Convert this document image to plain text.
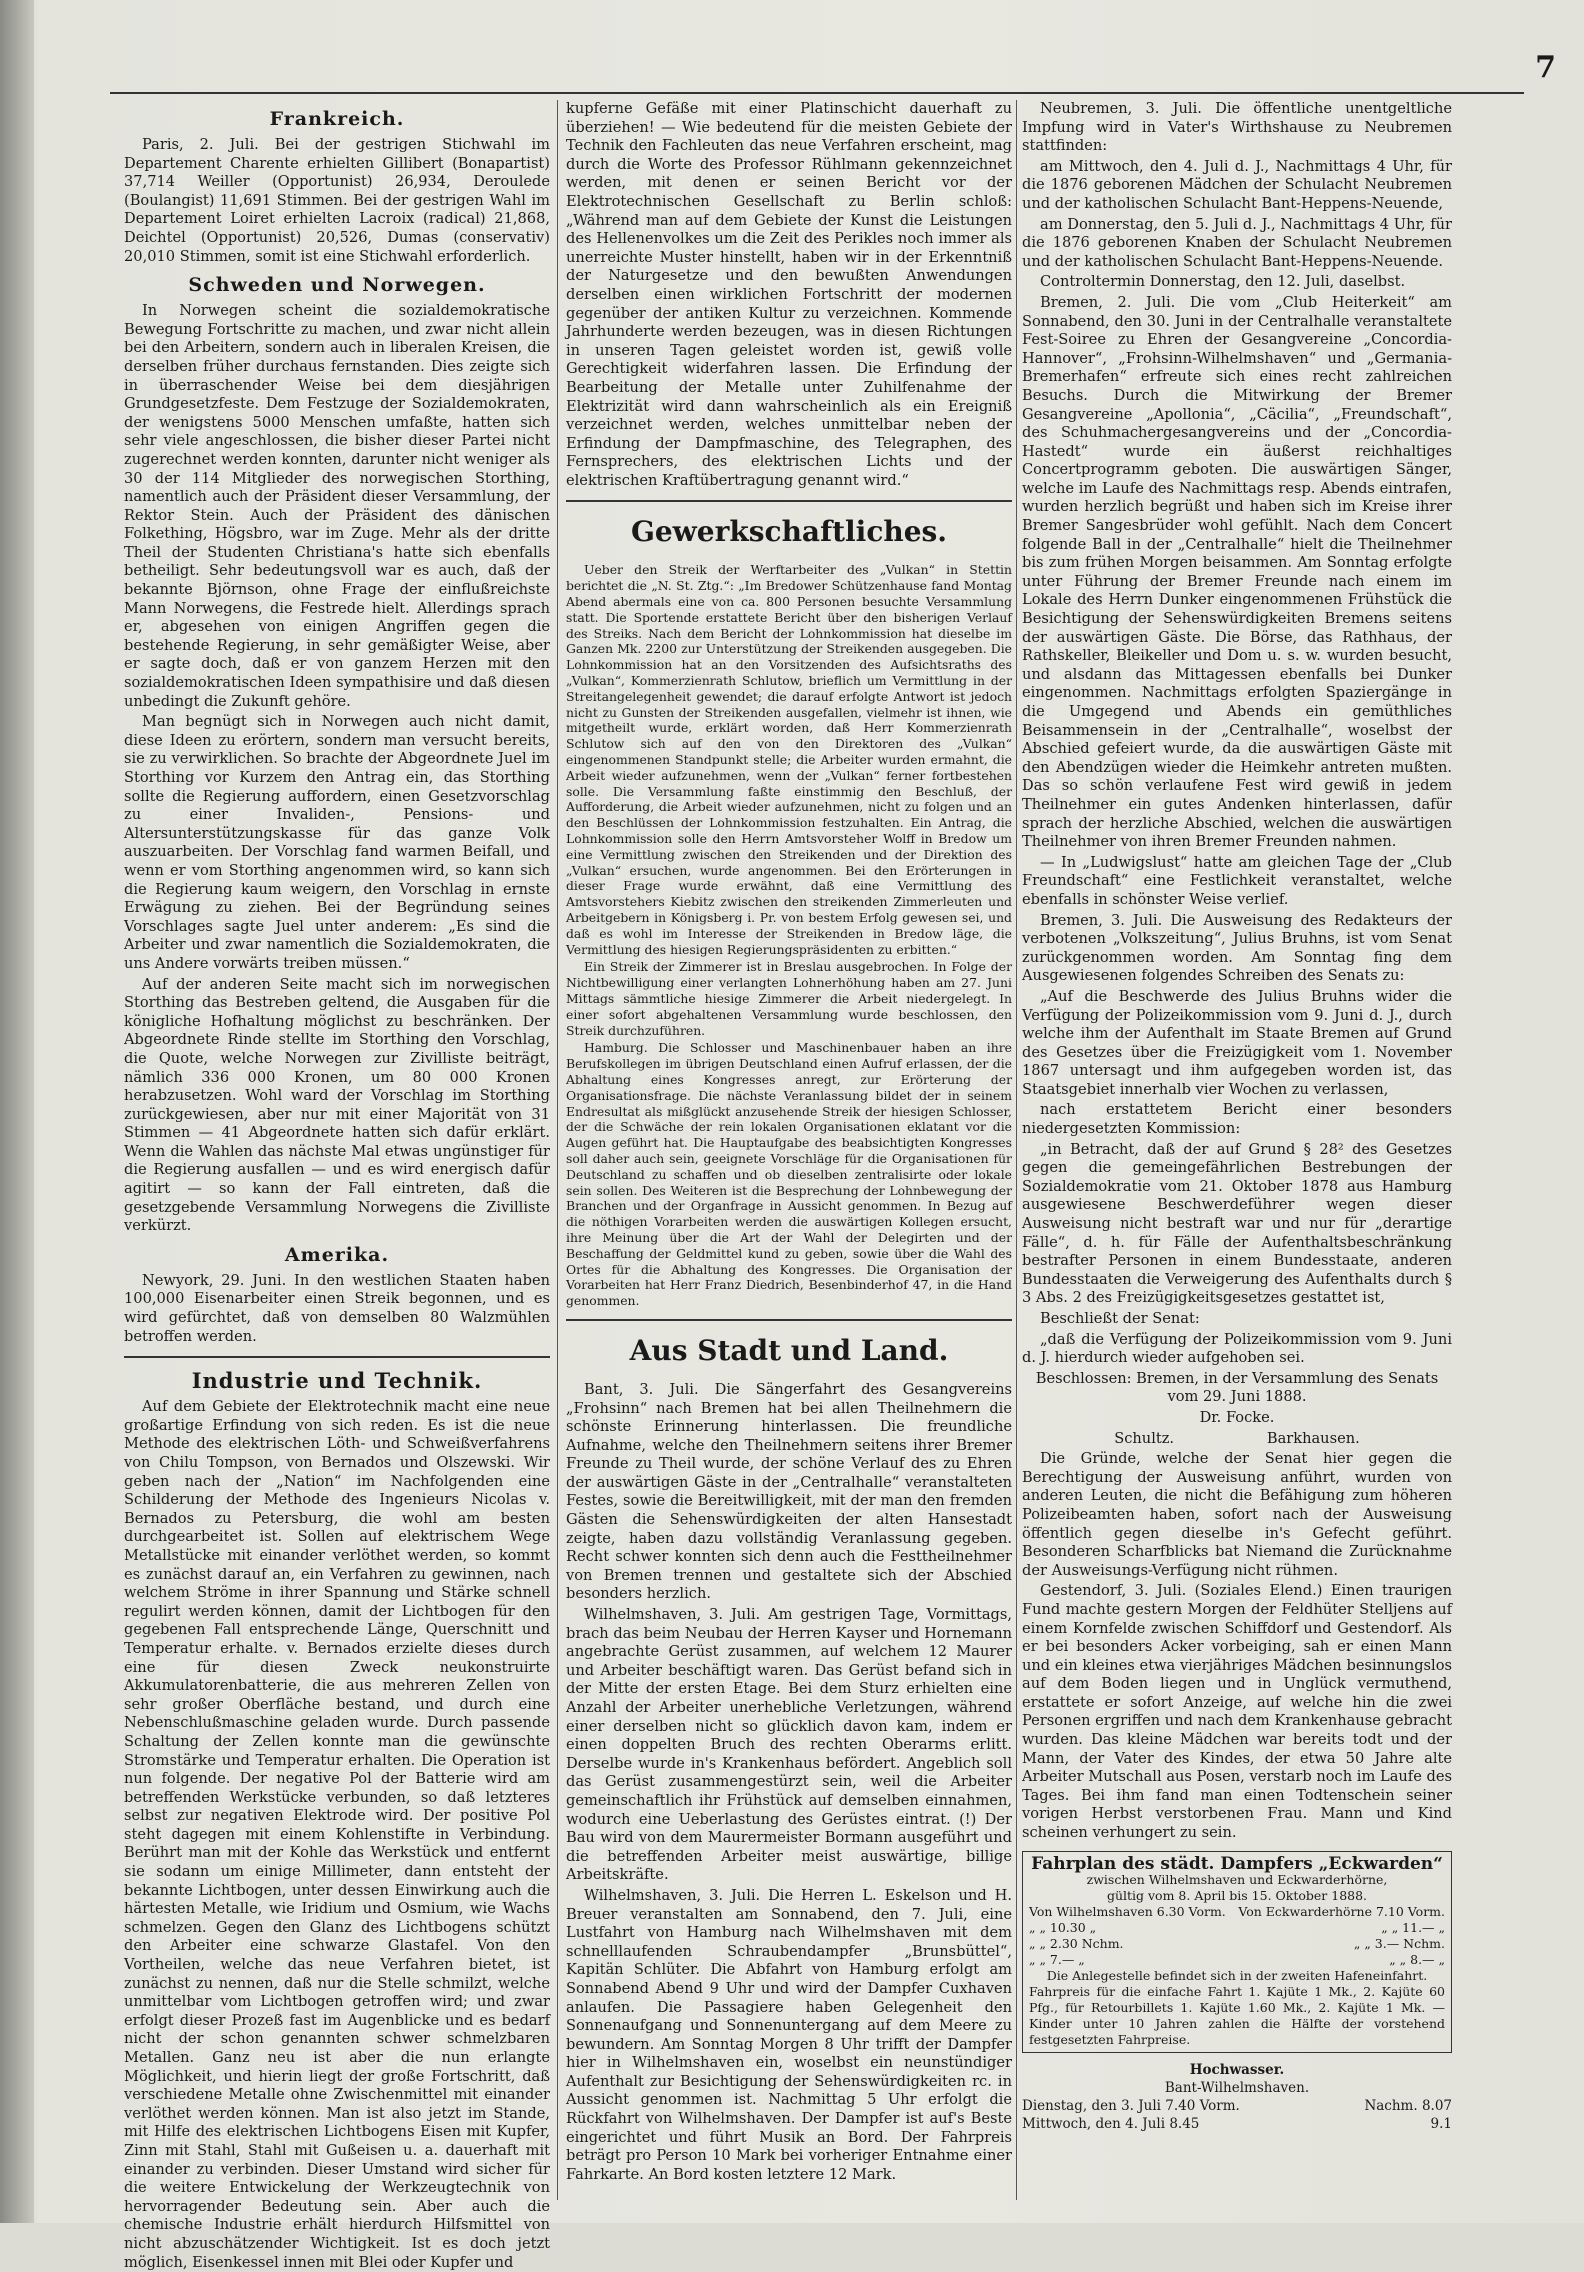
7
Frankreich.

Paris, 2. Juli. Bei der gestrigen Stichwahl im Departement Charente erhielten Gillibert (Bonapartist) 37,714 Weiller (Opportunist) 26,934, Deroulede (Boulangist) 11,691 Stimmen. Bei der gestrigen Wahl im Departement Loiret erhielten Lacroix (radical) 21,868, Deichtel (Opportunist) 20,526, Dumas (conservativ) 20,010 Stimmen, somit ist eine Stichwahl erforderlich.

Schweden und Norwegen.

In Norwegen scheint die sozialdemokratische Bewegung Fortschritte zu machen, und zwar nicht allein bei den Arbeitern, sondern auch in liberalen Kreisen, die derselben früher durchaus fernstanden. Dies zeigte sich in überraschender Weise bei dem diesjährigen Grundgesetzfeste. Dem Festzuge der Sozialdemokraten, der wenigstens 5000 Menschen umfaßte, hatten sich sehr viele angeschlossen, die bisher dieser Partei nicht zugerechnet werden konnten, darunter nicht weniger als 30 der 114 Mitglieder des norwegischen Storthing, namentlich auch der Präsident dieser Versammlung, der Rektor Stein. Auch der Präsident des dänischen Folkething, Högsbro, war im Zuge. Mehr als der dritte Theil der Studenten Christiana's hatte sich ebenfalls betheiligt. Sehr bedeutungsvoll war es auch, daß der bekannte Björnson, ohne Frage der einflußreichste Mann Norwegens, die Festrede hielt. Allerdings sprach er, abgesehen von einigen Angriffen gegen die bestehende Regierung, in sehr gemäßigter Weise, aber er sagte doch, daß er von ganzem Herzen mit den sozialdemokratischen Ideen sympathisire und daß diesen unbedingt die Zukunft gehöre.

Man begnügt sich in Norwegen auch nicht damit, diese Ideen zu erörtern, sondern man versucht bereits, sie zu verwirklichen. So brachte der Abgeordnete Juel im Storthing vor Kurzem den Antrag ein, das Storthing sollte die Regierung auffordern, einen Gesetzvorschlag zu einer Invaliden-, Pensions- und Altersunterstützungskasse für das ganze Volk auszuarbeiten. Der Vorschlag fand warmen Beifall, und wenn er vom Storthing angenommen wird, so kann sich die Regierung kaum weigern, den Vorschlag in ernste Erwägung zu ziehen. Bei der Begründung seines Vorschlages sagte Juel unter anderem: „Es sind die Arbeiter und zwar namentlich die Sozialdemokraten, die uns Andere vorwärts treiben müssen.“

Auf der anderen Seite macht sich im norwegischen Storthing das Bestreben geltend, die Ausgaben für die königliche Hofhaltung möglichst zu beschränken. Der Abgeordnete Rinde stellte im Storthing den Vorschlag, die Quote, welche Norwegen zur Zivilliste beiträgt, nämlich 336 000 Kronen, um 80 000 Kronen herabzusetzen. Wohl ward der Vorschlag im Storthing zurückgewiesen, aber nur mit einer Majorität von 31 Stimmen — 41 Abgeordnete hatten sich dafür erklärt. Wenn die Wahlen das nächste Mal etwas ungünstiger für die Regierung ausfallen — und es wird energisch dafür agitirt — so kann der Fall eintreten, daß die gesetzgebende Versammlung Norwegens die Zivilliste verkürzt.

Amerika.

Newyork, 29. Juni. In den westlichen Staaten haben 100,000 Eisenarbeiter einen Streik begonnen, und es wird gefürchtet, daß von demselben 80 Walzmühlen betroffen werden.

Industrie und Technik.

Auf dem Gebiete der Elektrotechnik macht eine neue großartige Erfindung von sich reden. Es ist die neue Methode des elektrischen Löth- und Schweißverfahrens von Chilu Tompson, von Bernados und Olszewski. Wir geben nach der „Nation“ im Nachfolgenden eine Schilderung der Methode des Ingenieurs Nicolas v. Bernados zu Petersburg, die wohl am besten durchgearbeitet ist. Sollen auf elektrischem Wege Metallstücke mit einander verlöthet werden, so kommt es zunächst darauf an, ein Verfahren zu gewinnen, nach welchem Ströme in ihrer Spannung und Stärke schnell regulirt werden können, damit der Lichtbogen für den gegebenen Fall entsprechende Länge, Querschnitt und Temperatur erhalte. v. Bernados erzielte dieses durch eine für diesen Zweck neukonstruirte Akkumulatorenbatterie, die aus mehreren Zellen von sehr großer Oberfläche bestand, und durch eine Nebenschlußmaschine geladen wurde. Durch passende Schaltung der Zellen konnte man die gewünschte Stromstärke und Temperatur erhalten. Die Operation ist nun folgende. Der negative Pol der Batterie wird am betreffenden Werkstücke verbunden, so daß letzteres selbst zur negativen Elektrode wird. Der positive Pol steht dagegen mit einem Kohlenstifte in Verbindung. Berührt man mit der Kohle das Werkstück und entfernt sie sodann um einige Millimeter, dann entsteht der bekannte Lichtbogen, unter dessen Einwirkung auch die härtesten Metalle, wie Iridium und Osmium, wie Wachs schmelzen. Gegen den Glanz des Lichtbogens schützt den Arbeiter eine schwarze Glastafel. Von den Vortheilen, welche das neue Verfahren bietet, ist zunächst zu nennen, daß nur die Stelle schmilzt, welche unmittelbar vom Lichtbogen getroffen wird; und zwar erfolgt dieser Prozeß fast im Augenblicke und es bedarf nicht der schon genannten schwer schmelzbaren Metallen. Ganz neu ist aber die nun erlangte Möglichkeit, und hierin liegt der große Fortschritt, daß verschiedene Metalle ohne Zwischenmittel mit einander verlöthet werden können. Man ist also jetzt im Stande, mit Hilfe des elektrischen Lichtbogens Eisen mit Kupfer, Zinn mit Stahl, Stahl mit Gußeisen u. a. dauerhaft mit einander zu verbinden. Dieser Umstand wird sicher für die weitere Entwickelung der Werkzeugtechnik von hervorragender Bedeutung sein. Aber auch die chemische Industrie erhält hierdurch Hilfsmittel von nicht abzuschätzender Wichtigkeit. Ist es doch jetzt möglich, Eisenkessel innen mit Blei oder Kupfer und

kupferne Gefäße mit einer Platinschicht dauerhaft zu überziehen! — Wie bedeutend für die meisten Gebiete der Technik den Fachleuten das neue Verfahren erscheint, mag durch die Worte des Professor Rühlmann gekennzeichnet werden, mit denen er seinen Bericht vor der Elektrotechnischen Gesellschaft zu Berlin schloß: „Während man auf dem Gebiete der Kunst die Leistungen des Hellenenvolkes um die Zeit des Perikles noch immer als unerreichte Muster hinstellt, haben wir in der Erkenntniß der Naturgesetze und den bewußten Anwendungen derselben einen wirklichen Fortschritt der modernen gegenüber der antiken Kultur zu verzeichnen. Kommende Jahrhunderte werden bezeugen, was in diesen Richtungen in unseren Tagen geleistet worden ist, gewiß volle Gerechtigkeit widerfahren lassen. Die Erfindung der Bearbeitung der Metalle unter Zuhilfenahme der Elektrizität wird dann wahrscheinlich als ein Ereigniß verzeichnet werden, welches unmittelbar neben der Erfindung der Dampfmaschine, des Telegraphen, des Fernsprechers, des elektrischen Lichts und der elektrischen Kraftübertragung genannt wird.“

Gewerkschaftliches.

Ueber den Streik der Werftarbeiter des „Vulkan“ in Stettin berichtet die „N. St. Ztg.“: „Im Bredower Schützenhause fand Montag Abend abermals eine von ca. 800 Personen besuchte Versammlung statt. Die Sportende erstattete Bericht über den bisherigen Verlauf des Streiks. Nach dem Bericht der Lohnkommission hat dieselbe im Ganzen Mk. 2200 zur Unterstützung der Streikenden ausgegeben. Die Lohnkommission hat an den Vorsitzenden des Aufsichtsraths des „Vulkan“, Kommerzienrath Schlutow, brieflich um Vermittlung in der Streitangelegenheit gewendet; die darauf erfolgte Antwort ist jedoch nicht zu Gunsten der Streikenden ausgefallen, vielmehr ist ihnen, wie mitgetheilt wurde, erklärt worden, daß Herr Kommerzienrath Schlutow sich auf den von den Direktoren des „Vulkan“ eingenommenen Standpunkt stelle; die Arbeiter wurden ermahnt, die Arbeit wieder aufzunehmen, wenn der „Vulkan“ ferner fortbestehen solle. Die Versammlung faßte einstimmig den Beschluß, der Aufforderung, die Arbeit wieder aufzunehmen, nicht zu folgen und an den Beschlüssen der Lohnkommission festzuhalten. Ein Antrag, die Lohnkommission solle den Herrn Amtsvorsteher Wolff in Bredow um eine Vermittlung zwischen den Streikenden und der Direktion des „Vulkan“ ersuchen, wurde angenommen. Bei den Erörterungen in dieser Frage wurde erwähnt, daß eine Vermittlung des Amtsvorstehers Kiebitz zwischen den streikenden Zimmerleuten und Arbeitgebern in Königsberg i. Pr. von bestem Erfolg gewesen sei, und daß es wohl im Interesse der Streikenden in Bredow läge, die Vermittlung des hiesigen Regierungspräsidenten zu erbitten.“

Ein Streik der Zimmerer ist in Breslau ausgebrochen. In Folge der Nichtbewilligung einer verlangten Lohnerhöhung haben am 27. Juni Mittags sämmtliche hiesige Zimmerer die Arbeit niedergelegt. In einer sofort abgehaltenen Versammlung wurde beschlossen, den Streik durchzuführen.

Hamburg. Die Schlosser und Maschinenbauer haben an ihre Berufskollegen im übrigen Deutschland einen Aufruf erlassen, der die Abhaltung eines Kongresses anregt, zur Erörterung der Organisationsfrage. Die nächste Veranlassung bildet der in seinem Endresultat als mißglückt anzusehende Streik der hiesigen Schlosser, der die Schwäche der rein lokalen Organisationen eklatant vor die Augen geführt hat. Die Hauptaufgabe des beabsichtigten Kongresses soll daher auch sein, geeignete Vorschläge für die Organisationen für Deutschland zu schaffen und ob dieselben zentralisirte oder lokale sein sollen. Des Weiteren ist die Besprechung der Lohnbewegung der Branchen und der Organfrage in Aussicht genommen. In Bezug auf die nöthigen Vorarbeiten werden die auswärtigen Kollegen ersucht, ihre Meinung über die Art der Wahl der Delegirten und der Beschaffung der Geldmittel kund zu geben, sowie über die Wahl des Ortes für die Abhaltung des Kongresses. Die Organisation der Vorarbeiten hat Herr Franz Diedrich, Besenbinderhof 47, in die Hand genommen.

Aus Stadt und Land.

Bant, 3. Juli. Die Sängerfahrt des Gesangvereins „Frohsinn“ nach Bremen hat bei allen Theilnehmern die schönste Erinnerung hinterlassen. Die freundliche Aufnahme, welche den Theilnehmern seitens ihrer Bremer Freunde zu Theil wurde, der schöne Verlauf des zu Ehren der auswärtigen Gäste in der „Centralhalle“ veranstalteten Festes, sowie die Bereitwilligkeit, mit der man den fremden Gästen die Sehenswürdigkeiten der alten Hansestadt zeigte, haben dazu vollständig Veranlassung gegeben. Recht schwer konnten sich denn auch die Festtheilnehmer von Bremen trennen und gestaltete sich der Abschied besonders herzlich.

Wilhelmshaven, 3. Juli. Am gestrigen Tage, Vormittags, brach das beim Neubau der Herren Kayser und Hornemann angebrachte Gerüst zusammen, auf welchem 12 Maurer und Arbeiter beschäftigt waren. Das Gerüst befand sich in der Mitte der ersten Etage. Bei dem Sturz erhielten eine Anzahl der Arbeiter unerhebliche Verletzungen, während einer derselben nicht so glücklich davon kam, indem er einen doppelten Bruch des rechten Oberarms erlitt. Derselbe wurde in's Krankenhaus befördert. Angeblich soll das Gerüst zusammengestürzt sein, weil die Arbeiter gemeinschaftlich ihr Frühstück auf demselben einnahmen, wodurch eine Ueberlastung des Gerüstes eintrat. (!) Der Bau wird von dem Maurermeister Bormann ausgeführt und die betreffenden Arbeiter meist auswärtige, billige Arbeitskräfte.

Wilhelmshaven, 3. Juli. Die Herren L. Eskelson und H. Breuer veranstalten am Sonnabend, den 7. Juli, eine Lustfahrt von Hamburg nach Wilhelmshaven mit dem schnelllaufenden Schraubendampfer „Brunsbüttel“, Kapitän Schlüter. Die Abfahrt von Hamburg erfolgt am Sonnabend Abend 9 Uhr und wird der Dampfer Cuxhaven anlaufen. Die Passagiere haben Gelegenheit den Sonnenaufgang und Sonnenuntergang auf dem Meere zu bewundern. Am Sonntag Morgen 8 Uhr trifft der Dampfer hier in Wilhelmshaven ein, woselbst ein neunstündiger Aufenthalt zur Besichtigung der Sehenswürdigkeiten rc. in Aussicht genommen ist. Nachmittag 5 Uhr erfolgt die Rückfahrt von Wilhelmshaven. Der Dampfer ist auf's Beste eingerichtet und führt Musik an Bord. Der Fahrpreis beträgt pro Person 10 Mark bei vorheriger Entnahme einer Fahrkarte. An Bord kosten letztere 12 Mark.

Neubremen, 3. Juli. Die öffentliche unentgeltliche Impfung wird in Vater's Wirthshause zu Neubremen stattfinden:

am Mittwoch, den 4. Juli d. J., Nachmittags 4 Uhr, für die 1876 geborenen Mädchen der Schulacht Neubremen und der katholischen Schulacht Bant-Heppens-Neuende,

am Donnerstag, den 5. Juli d. J., Nachmittags 4 Uhr, für die 1876 geborenen Knaben der Schulacht Neubremen und der katholischen Schulacht Bant-Heppens-Neuende.

Controltermin Donnerstag, den 12. Juli, daselbst.

Bremen, 2. Juli. Die vom „Club Heiterkeit“ am Sonnabend, den 30. Juni in der Centralhalle veranstaltete Fest-Soiree zu Ehren der Gesangvereine „Concordia-Hannover“, „Frohsinn-Wilhelmshaven“ und „Germania-Bremerhafen“ erfreute sich eines recht zahlreichen Besuchs. Durch die Mitwirkung der Bremer Gesangvereine „Apollonia“, „Cäcilia“, „Freundschaft“, des Schuhmachergesangvereins und der „Concordia-Hastedt“ wurde ein äußerst reichhaltiges Concertprogramm geboten. Die auswärtigen Sänger, welche im Laufe des Nachmittags resp. Abends eintrafen, wurden herzlich begrüßt und haben sich im Kreise ihrer Bremer Sangesbrüder wohl gefühlt. Nach dem Concert folgende Ball in der „Centralhalle“ hielt die Theilnehmer bis zum frühen Morgen beisammen. Am Sonntag erfolgte unter Führung der Bremer Freunde nach einem im Lokale des Herrn Dunker eingenommenen Frühstück die Besichtigung der Sehenswürdigkeiten Bremens seitens der auswärtigen Gäste. Die Börse, das Rathhaus, der Rathskeller, Bleikeller und Dom u. s. w. wurden besucht, und alsdann das Mittagessen ebenfalls bei Dunker eingenommen. Nachmittags erfolgten Spaziergänge in die Umgegend und Abends ein gemüthliches Beisammensein in der „Centralhalle“, woselbst der Abschied gefeiert wurde, da die auswärtigen Gäste mit den Abendzügen wieder die Heimkehr antreten mußten. Das so schön verlaufene Fest wird gewiß in jedem Theilnehmer ein gutes Andenken hinterlassen, dafür sprach der herzliche Abschied, welchen die auswärtigen Theilnehmer von ihren Bremer Freunden nahmen.

— In „Ludwigslust“ hatte am gleichen Tage der „Club Freundschaft“ eine Festlichkeit veranstaltet, welche ebenfalls in schönster Weise verlief.

Bremen, 3. Juli. Die Ausweisung des Redakteurs der verbotenen „Volkszeitung“, Julius Bruhns, ist vom Senat zurückgenommen worden. Am Sonntag fing dem Ausgewiesenen folgendes Schreiben des Senats zu:

„Auf die Beschwerde des Julius Bruhns wider die Verfügung der Polizeikommission vom 9. Juni d. J., durch welche ihm der Aufenthalt im Staate Bremen auf Grund des Gesetzes über die Freizügigkeit vom 1. November 1867 untersagt und ihm aufgegeben worden ist, das Staatsgebiet innerhalb vier Wochen zu verlassen,

nach erstattetem Bericht einer besonders niedergesetzten Kommission:

„in Betracht, daß der auf Grund § 28² des Gesetzes gegen die gemeingefährlichen Bestrebungen der Sozialdemokratie vom 21. Oktober 1878 aus Hamburg ausgewiesene Beschwerdeführer wegen dieser Ausweisung nicht bestraft war und nur für „derartige Fälle“, d. h. für Fälle der Aufenthaltsbeschränkung bestrafter Personen in einem Bundesstaate, anderen Bundesstaaten die Verweigerung des Aufenthalts durch § 3 Abs. 2 des Freizügigkeitsgesetzes gestattet ist,

Beschließt der Senat:

„daß die Verfügung der Polizeikommission vom 9. Juni d. J. hierdurch wieder aufgehoben sei.

Beschlossen: Bremen, in der Versammlung des Senats vom 29. Juni 1888.

Dr. Focke.

Schultz.                    Barkhausen.

Die Gründe, welche der Senat hier gegen die Berechtigung der Ausweisung anführt, wurden von anderen Leuten, die nicht die Befähigung zum höheren Polizeibeamten haben, sofort nach der Ausweisung öffentlich gegen dieselbe in's Gefecht geführt. Besonderen Scharfblicks bat Niemand die Zurücknahme der Ausweisungs-Verfügung nicht rühmen.

Gestendorf, 3. Juli. (Soziales Elend.) Einen traurigen Fund machte gestern Morgen der Feldhüter Stelljens auf einem Kornfelde zwischen Schiffdorf und Gestendorf. Als er bei besonders Acker vorbeiging, sah er einen Mann und ein kleines etwa vierjähriges Mädchen besinnungslos auf dem Boden liegen und in Unglück vermuthend, erstattete er sofort Anzeige, auf welche hin die zwei Personen ergriffen und nach dem Krankenhause gebracht wurden. Das kleine Mädchen war bereits todt und der Mann, der Vater des Kindes, der etwa 50 Jahre alte Arbeiter Mutschall aus Posen, verstarb noch im Laufe des Tages. Bei ihm fand man einen Todtenschein seiner vorigen Herbst verstorbenen Frau. Mann und Kind scheinen verhungert zu sein.

Fahrplan des städt. Dampfers „Eckwarden“
zwischen Wilhelmshaven und Eckwarderhörne,
gültig vom 8. April bis 15. Oktober 1888.
Von Wilhelmshaven 6.30 Vorm. Von Eckwarderhörne 7.10 Vorm.
„ „ 10.30 „	„ „ 11.— „
„ „ 2.30 Nchm.	„ „ 3.— Nchm.
„ „ 7.— „	„ „ 8.— „
Die Anlegestelle befindet sich in der zweiten Hafeneinfahrt.
Fahrpreis für die einfache Fahrt 1. Kajüte 1 Mk., 2. Kajüte 60 Pfg., für Retourbillets 1. Kajüte 1.60 Mk., 2. Kajüte 1 Mk. — Kinder unter 10 Jahren zahlen die Hälfte der vorstehend festgesetzten Fahrpreise.
Hochwasser.
Bant-Wilhelmshaven.
Dienstag, den 3. Juli 7.40 Vorm.	Nachm. 8.07
Mittwoch, den 4. Juli 8.45	9.1
